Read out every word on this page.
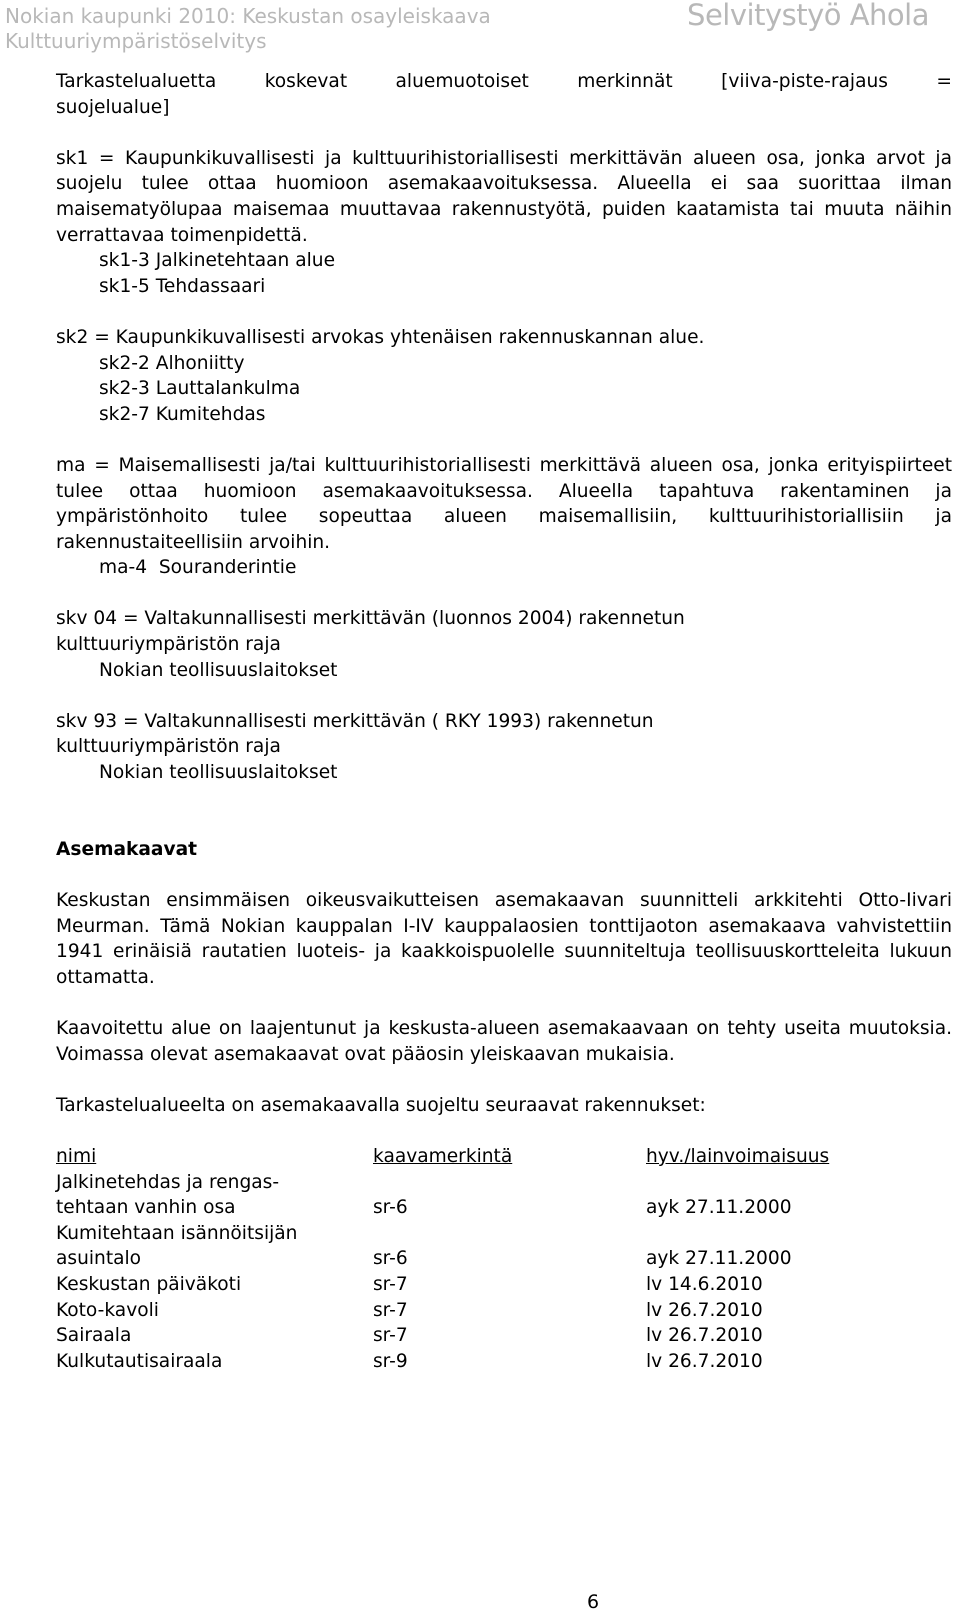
Nokian kaupunki 2010: Keskustan osayleiskaava
Kulttuuriympäristöselvitys
Selvitystyö Ahola
Tarkastelualuetta	koskevat	aluemuotoiset	merkinnät	[viiva-piste-rajaus	=
suojelualue]
sk1 = Kaupunkikuvallisesti ja kulttuurihistoriallisesti merkittävän alueen osa, jonka arvot ja suojelu tulee ottaa huomioon asemakaavoituksessa. Alueella ei saa suorittaa ilman maisematyölupaa maisemaa muuttavaa rakennustyötä, puiden kaatamista tai muuta näihin verrattavaa toimenpidettä.
sk1-3 Jalkinetehtaan alue
sk1-5 Tehdassaari
sk2 = Kaupunkikuvallisesti arvokas yhtenäisen rakennuskannan alue.
sk2-2 Alhoniitty
sk2-3 Lauttalankulma
sk2-7 Kumitehdas
ma = Maisemallisesti ja/tai kulttuurihistoriallisesti merkittävä alueen osa, jonka erityispiirteet tulee ottaa huomioon asemakaavoituksessa. Alueella tapahtuva rakentaminen ja ympäristönhoito tulee sopeuttaa alueen maisemallisiin, kulttuurihistoriallisiin ja rakennustaiteellisiin arvoihin.
ma-4  Souranderintie
skv 04 = Valtakunnallisesti merkittävän (luonnos 2004) rakennetun
kulttuuriympäristön raja
Nokian teollisuuslaitokset
skv 93 = Valtakunnallisesti merkittävän ( RKY 1993) rakennetun
kulttuuriympäristön raja
Nokian teollisuuslaitokset
Asemakaavat
Keskustan ensimmäisen oikeusvaikutteisen asemakaavan suunnitteli arkkitehti Otto-Iivari Meurman. Tämä Nokian kauppalan I-IV kauppalaosien tonttijaoton asemakaava vahvistettiin 1941 erinäisiä rautatien luoteis- ja kaakkoispuolelle suunniteltuja teollisuuskortteleita lukuun ottamatta.
Kaavoitettu alue on laajentunut ja keskusta-alueen asemakaavaan on tehty useita muutoksia. Voimassa olevat asemakaavat ovat pääosin yleiskaavan mukaisia.
Tarkastelualueelta on asemakaavalla suojeltu seuraavat rakennukset:
nimi	kaavamerkintä	hyv./lainvoimaisuus

Jalkinetehdas ja rengas-
tehtaan vanhin osa	sr-6	ayk 27.11.2000

Kumitehtaan isännöitsijän
asuintalo	sr-6	ayk 27.11.2000
Keskustan päiväkoti	sr-7	lv 14.6.2010
Koto-kavoli	sr-7	lv 26.7.2010
Sairaala	sr-7	lv 26.7.2010
Kulkutautisairaala	sr-9	lv 26.7.2010
6
